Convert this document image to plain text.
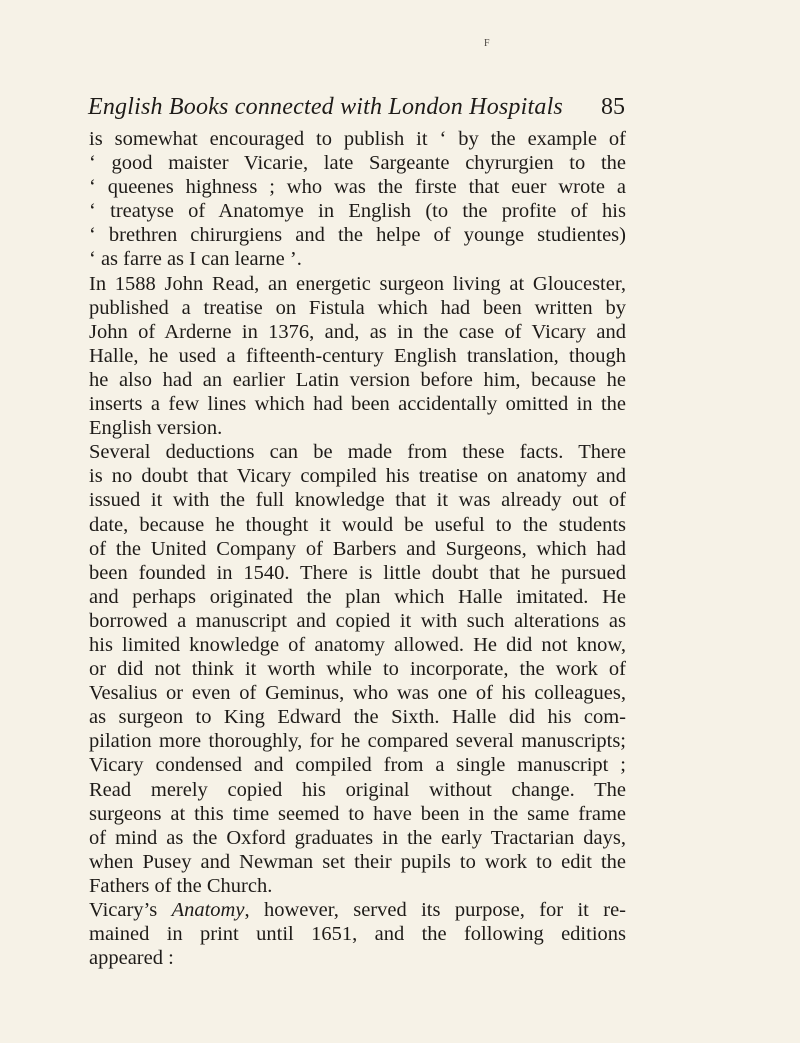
F
English Books connected with London Hospitals 85
is somewhat encouraged to publish it ‘ by the example of
‘ good maister Vicarie, late Sargeante chyrurgien to the
‘ queenes highness ; who was the firste that euer wrote a
‘ treatyse of Anatomye in English (to the profite of his
‘ brethren chirurgiens and the helpe of younge studientes)
‘ as farre as I can learne ’.
In 1588 John Read, an energetic surgeon living at Gloucester,
published a treatise on Fistula which had been written by
John of Arderne in 1376, and, as in the case of Vicary and
Halle, he used a fifteenth-century English translation, though
he also had an earlier Latin version before him, because he
inserts a few lines which had been accidentally omitted in the
English version.
Several deductions can be made from these facts. There
is no doubt that Vicary compiled his treatise on anatomy and
issued it with the full knowledge that it was already out of
date, because he thought it would be useful to the students
of the United Company of Barbers and Surgeons, which had
been founded in 1540. There is little doubt that he pursued
and perhaps originated the plan which Halle imitated. He
borrowed a manuscript and copied it with such alterations as
his limited knowledge of anatomy allowed. He did not know,
or did not think it worth while to incorporate, the work of
Vesalius or even of Geminus, who was one of his colleagues,
as surgeon to King Edward the Sixth. Halle did his com-
pilation more thoroughly, for he compared several manuscripts;
Vicary condensed and compiled from a single manuscript ;
Read merely copied his original without change. The
surgeons at this time seemed to have been in the same frame
of mind as the Oxford graduates in the early Tractarian days,
when Pusey and Newman set their pupils to work to edit the
Fathers of the Church.
Vicary’s Anatomy, however, served its purpose, for it re-
mained in print until 1651, and the following editions
appeared :
